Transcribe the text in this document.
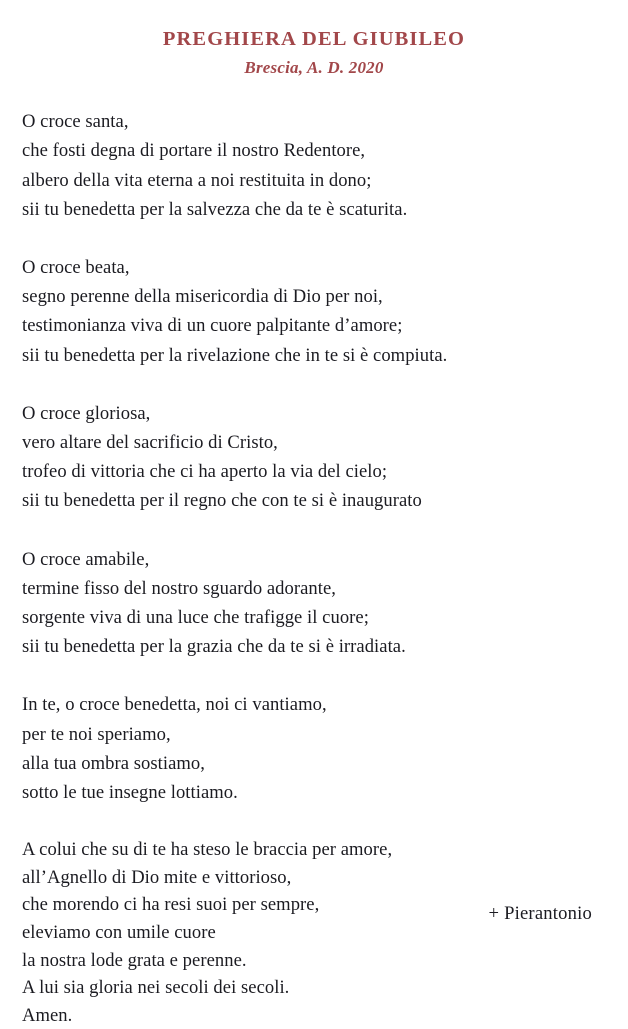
PREGHIERA DEL GIUBILEO

Brescia, A. D. 2020

O croce santa,
che fosti degna di portare il nostro Redentore,
albero della vita eterna a noi restituita in dono;
sii tu benedetta per la salvezza che da te è scaturita.
O croce beata,
segno perenne della misericordia di Dio per noi,
testimonianza viva di un cuore palpitante d’amore;
sii tu benedetta per la rivelazione che in te si è compiuta.
O croce gloriosa,
vero altare del sacrificio di Cristo,
trofeo di vittoria che ci ha aperto la via del cielo;
sii tu benedetta per il regno che con te si è inaugurato
O croce amabile,
termine fisso del nostro sguardo adorante,
sorgente viva di una luce che trafigge il cuore;
sii tu benedetta per la grazia che da te si è irradiata.
In te, o croce benedetta, noi ci vantiamo,
per te noi speriamo,
alla tua ombra sostiamo,
sotto le tue insegne lottiamo.
A colui che su di te ha steso le braccia per amore,
all’Agnello di Dio mite e vittorioso,
che morendo ci ha resi suoi per sempre,
eleviamo con umile cuore
la nostra lode grata e perenne.
A lui sia gloria nei secoli dei secoli.
Amen.
+ Pierantonio
